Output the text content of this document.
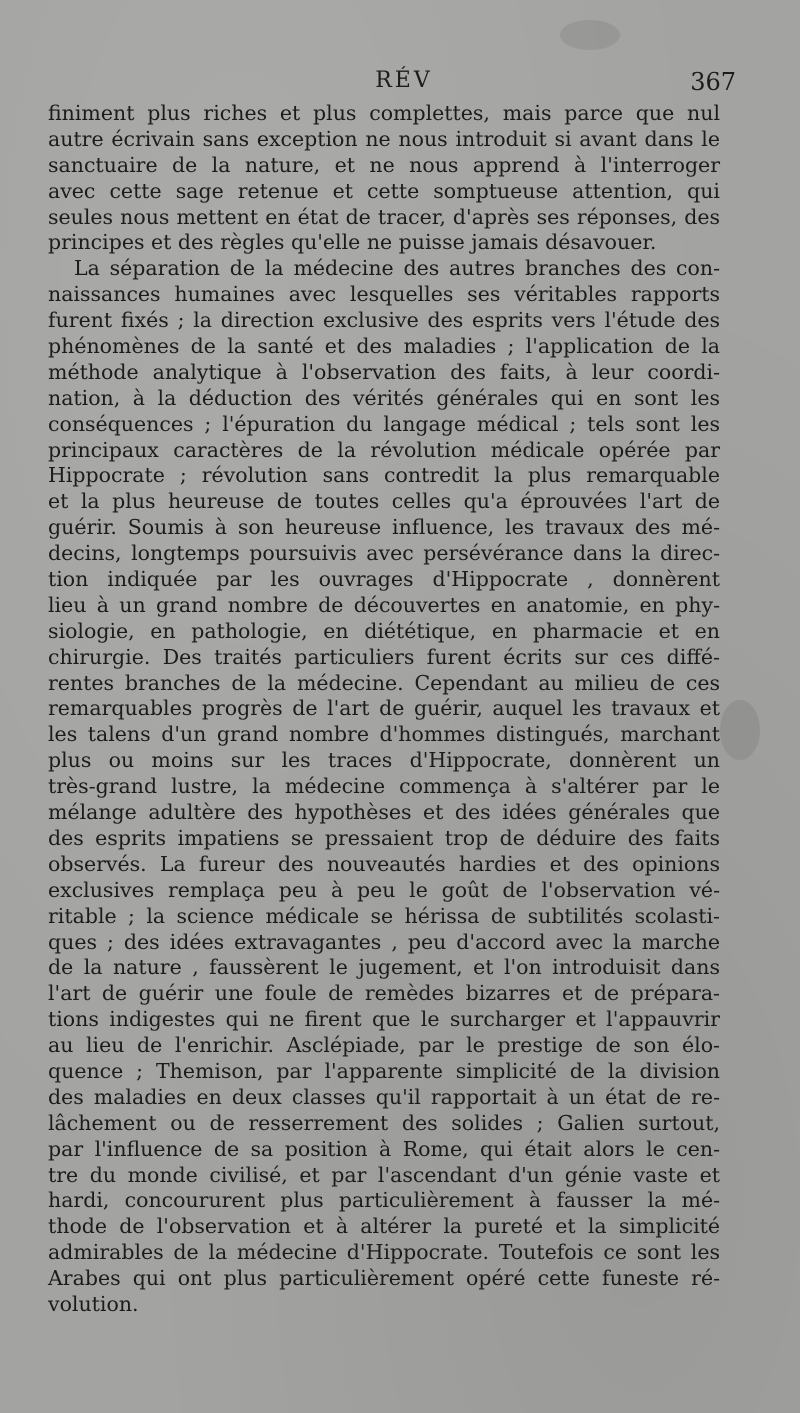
RÉV	367
finiment plus riches et plus complettes, mais parce que nul
autre écrivain sans exception ne nous introduit si avant dans le
sanctuaire de la nature, et ne nous apprend à l'interroger
avec cette sage retenue et cette somptueuse attention, qui
seules nous mettent en état de tracer, d'après ses réponses, des
principes et des règles qu'elle ne puisse jamais désavouer.
La séparation de la médecine des autres branches des con-
naissances humaines avec lesquelles ses véritables rapports
furent fixés ; la direction exclusive des esprits vers l'étude des
phénomènes de la santé et des maladies ; l'application de la
méthode analytique à l'observation des faits, à leur coordi-
nation, à la déduction des vérités générales qui en sont les
conséquences ; l'épuration du langage médical ; tels sont les
principaux caractères de la révolution médicale opérée par
Hippocrate ; révolution sans contredit la plus remarquable
et la plus heureuse de toutes celles qu'a éprouvées l'art de
guérir. Soumis à son heureuse influence, les travaux des mé-
decins, longtemps poursuivis avec persévérance dans la direc-
tion indiquée par les ouvrages d'Hippocrate , donnèrent
lieu à un grand nombre de découvertes en anatomie, en phy-
siologie, en pathologie, en diététique, en pharmacie et en
chirurgie. Des traités particuliers furent écrits sur ces diffé-
rentes branches de la médecine. Cependant au milieu de ces
remarquables progrès de l'art de guérir, auquel les travaux et
les talens d'un grand nombre d'hommes distingués, marchant
plus ou moins sur les traces d'Hippocrate, donnèrent un
très-grand lustre, la médecine commença à s'altérer par le
mélange adultère des hypothèses et des idées générales que
des esprits impatiens se pressaient trop de déduire des faits
observés. La fureur des nouveautés hardies et des opinions
exclusives remplaça peu à peu le goût de l'observation vé-
ritable ; la science médicale se hérissa de subtilités scolasti-
ques ; des idées extravagantes , peu d'accord avec la marche
de la nature , faussèrent le jugement, et l'on introduisit dans
l'art de guérir une foule de remèdes bizarres et de prépara-
tions indigestes qui ne firent que le surcharger et l'appauvrir
au lieu de l'enrichir. Asclépiade, par le prestige de son élo-
quence ; Themison, par l'apparente simplicité de la division
des maladies en deux classes qu'il rapportait à un état de re-
lâchement ou de resserrement des solides ; Galien surtout,
par l'influence de sa position à Rome, qui était alors le cen-
tre du monde civilisé, et par l'ascendant d'un génie vaste et
hardi, concoururent plus particulièrement à fausser la mé-
thode de l'observation et à altérer la pureté et la simplicité
admirables de la médecine d'Hippocrate. Toutefois ce sont les
Arabes qui ont plus particulièrement opéré cette funeste ré-
volution.
